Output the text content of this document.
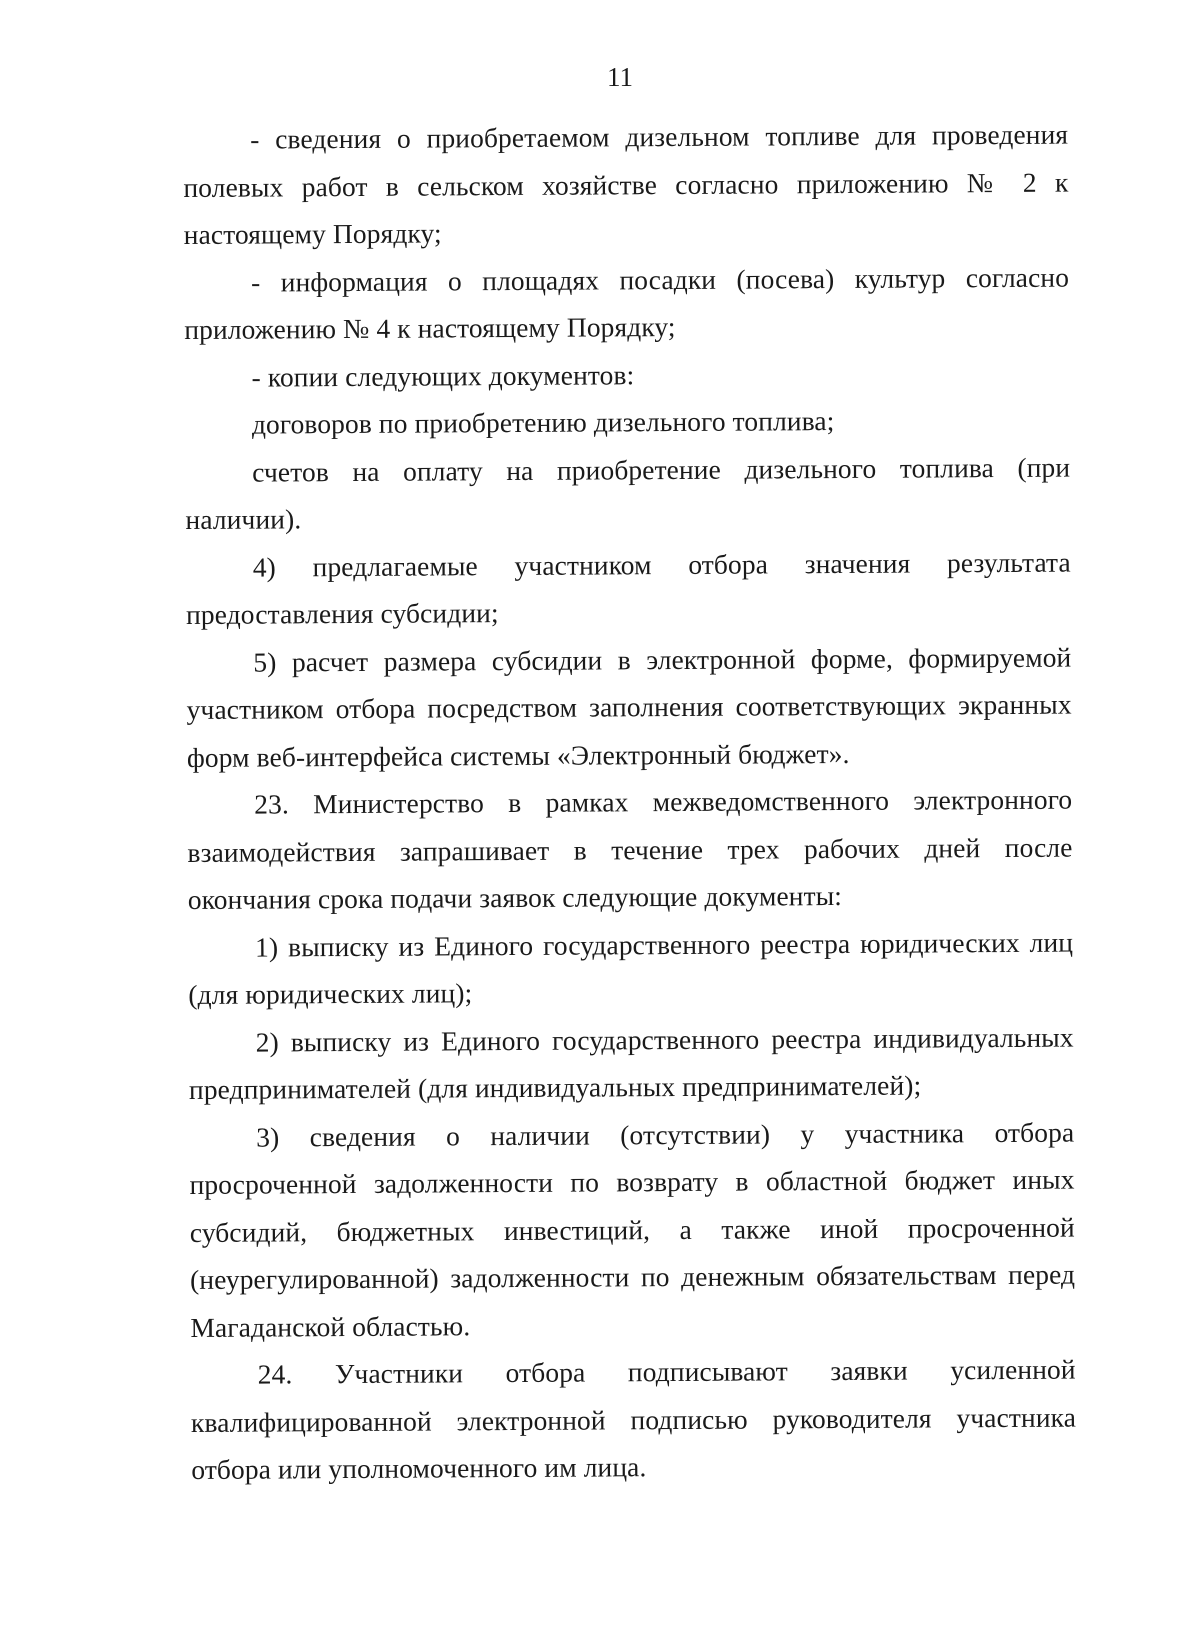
11

- сведения о приобретаемом дизельном топливе для проведения полевых работ в сельском хозяйстве согласно приложению № 2 к настоящему Порядку;

- информация о площадях посадки (посева) культур согласно приложению № 4 к настоящему Порядку;

- копии следующих документов:

договоров по приобретению дизельного топлива;

счетов на оплату на приобретение дизельного топлива (при наличии).

4) предлагаемые участником отбора значения результата предоставления субсидии;

5) расчет размера субсидии в электронной форме, формируемой участником отбора посредством заполнения соответствующих экранных форм веб-интерфейса системы «Электронный бюджет».

23. Министерство в рамках межведомственного электронного взаимодействия запрашивает в течение трех рабочих дней после окончания срока подачи заявок следующие документы:

1) выписку из Единого государственного реестра юридических лиц (для юридических лиц);

2) выписку из Единого государственного реестра индивидуальных предпринимателей (для индивидуальных предпринимателей);

3) сведения о наличии (отсутствии) у участника отбора просроченной задолженности по возврату в областной бюджет иных субсидий, бюджетных инвестиций, а также иной просроченной (неурегулированной) задолженности по денежным обязательствам перед Магаданской областью.

24. Участники отбора подписывают заявки усиленной квалифицированной электронной подписью руководителя участника отбора или уполномоченного им лица.
